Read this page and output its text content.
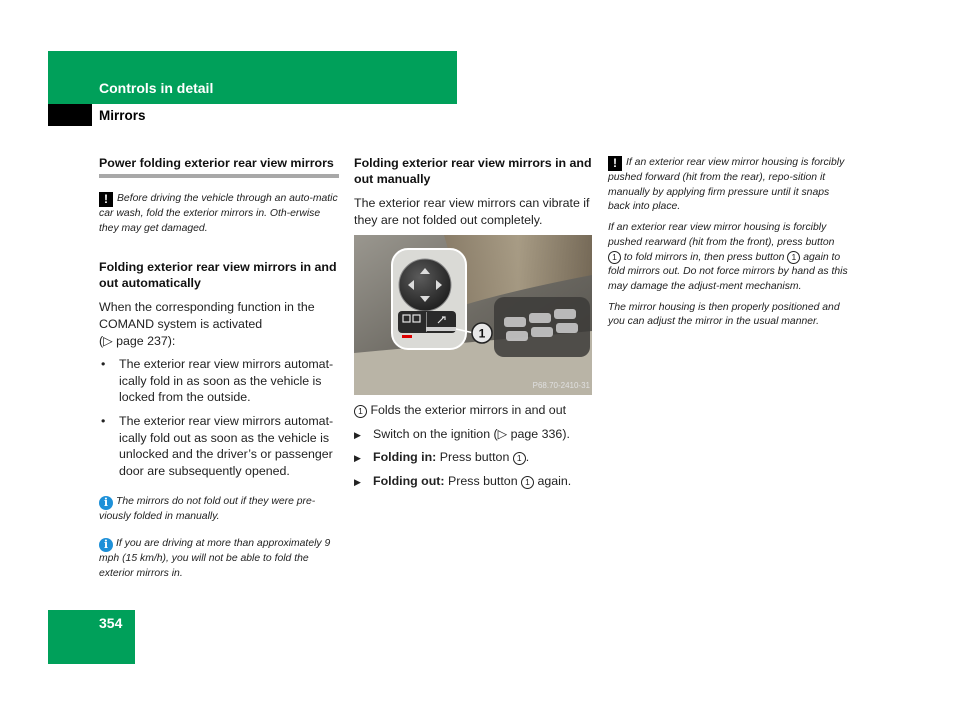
Controls in detail
Mirrors
Power folding exterior rear view mirrors

! Before driving the vehicle through an auto-matic car wash, fold the exterior mirrors in. Oth-erwise they may get damaged.

Folding exterior rear view mirrors in and out automatically

When the corresponding function in the COMAND system is activated
(▷ page 237):

• The exterior rear view mirrors automat-ically fold in as soon as the vehicle is locked from the outside.
• The exterior rear view mirrors automat-ically fold out as soon as the vehicle is unlocked and the driver’s or passenger door are subsequently opened.

i The mirrors do not fold out if they were pre-viously folded in manually.

i If you are driving at more than approximately 9 mph (15 km/h), you will not be able to fold the exterior mirrors in.

Folding exterior rear view mirrors in and out manually

The exterior rear view mirrors can vibrate if they are not folded out completely.

1
P68.70-2410-31

1 Folds the exterior mirrors in and out

▶ Switch on the ignition (▷ page 336).

▶ Folding in: Press button 1 .

▶ Folding out: Press button 1 again.

! If an exterior rear view mirror housing is forcibly pushed forward (hit from the rear), repo-sition it manually by applying firm pressure until it snaps back into place.

If an exterior rear view mirror housing is forcibly pushed rearward (hit from the front), press button 1 to fold mirrors in, then press button 1 again to fold mirrors out. Do not force mirrors by hand as this may damage the adjust-ment mechanism.

The mirror housing is then properly positioned and you can adjust the mirror in the usual manner.

354
